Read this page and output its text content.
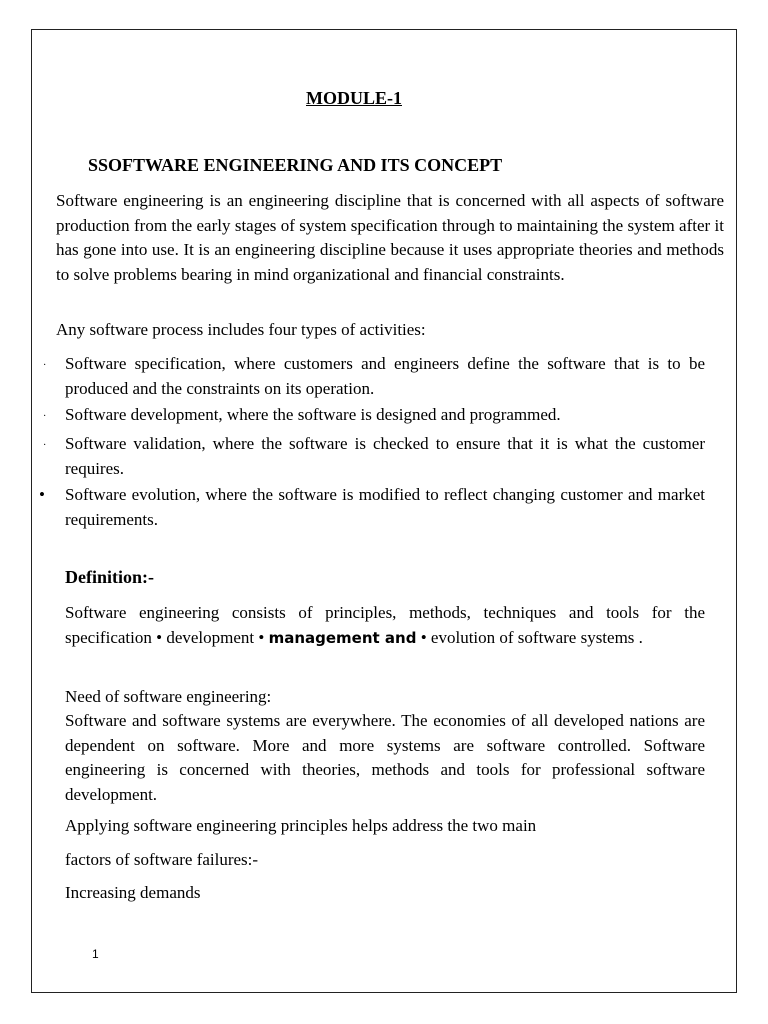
MODULE-1
SSOFTWARE ENGINEERING AND ITS CONCEPT
Software engineering is an engineering discipline that is concerned with all aspects of software production from the early stages of system specification through to maintaining the system after it has gone into use. It is an engineering discipline because it uses appropriate theories and methods to solve problems bearing in mind organizational and financial constraints.
Any software process includes four types of activities:
· Software specification, where customers and engineers define the software that is to be produced and the constraints on its operation.
· Software development, where the software is designed and programmed.
· Software validation, where the software is checked to ensure that it is what the customer requires.
• Software evolution, where the software is modified to reflect changing customer and market requirements.
Definition:-
Software engineering consists of principles, methods, techniques and tools for the specification • development • management and • evolution of software systems .
Need of software engineering:
Software and software systems are everywhere. The economies of all developed nations are dependent on software. More and more systems are software controlled. Software engineering is concerned with theories, methods and tools for professional software development.
Applying software engineering principles helps address the two main
factors of software failures:-
Increasing demands
1
